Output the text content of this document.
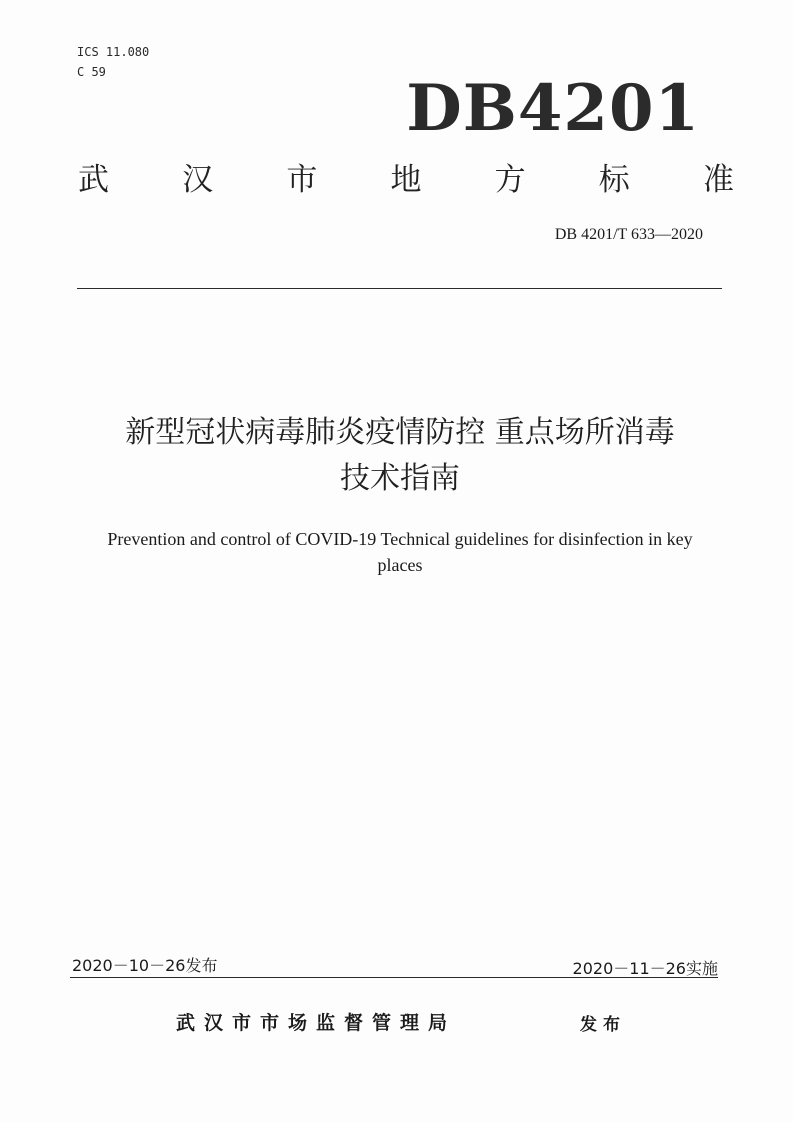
ICS 11.080
C 59	DB4201
武 汉 市 地 方 标 准
DB 4201/T 633—2020
新型冠状病毒肺炎疫情防控 重点场所消毒
技术指南
Prevention and control of COVID-19 Technical guidelines for disinfection in key
places
2020－10－26发布	2020－11－26实施
武汉市市场监督管理局	发布
